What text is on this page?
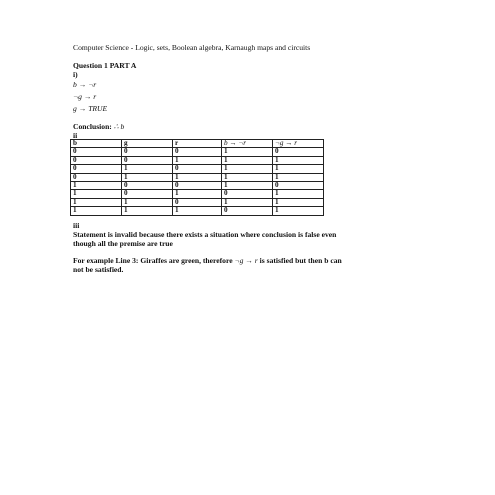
Computer Science - Logic, sets, Boolean algebra, Karnaugh maps and circuits
Question 1 PART A
i)
b → ¬r
¬g → r
g → TRUE
Conclusion: ∴ b
ii
b	g	r	b → ¬r	¬g → r
0	0	0	1	0
0	0	1	1	1
0	1	0	1	1
0	1	1	1	1
1	0	0	1	0
1	0	1	0	1
1	1	0	1	1
1	1	1	0	1
iii
Statement is invalid because there exists a situation where conclusion is false even
though all the premise are true
For example Line 3: Giraffes are green, therefore ¬g → r is satisfied but then b can
not be satisfied.
